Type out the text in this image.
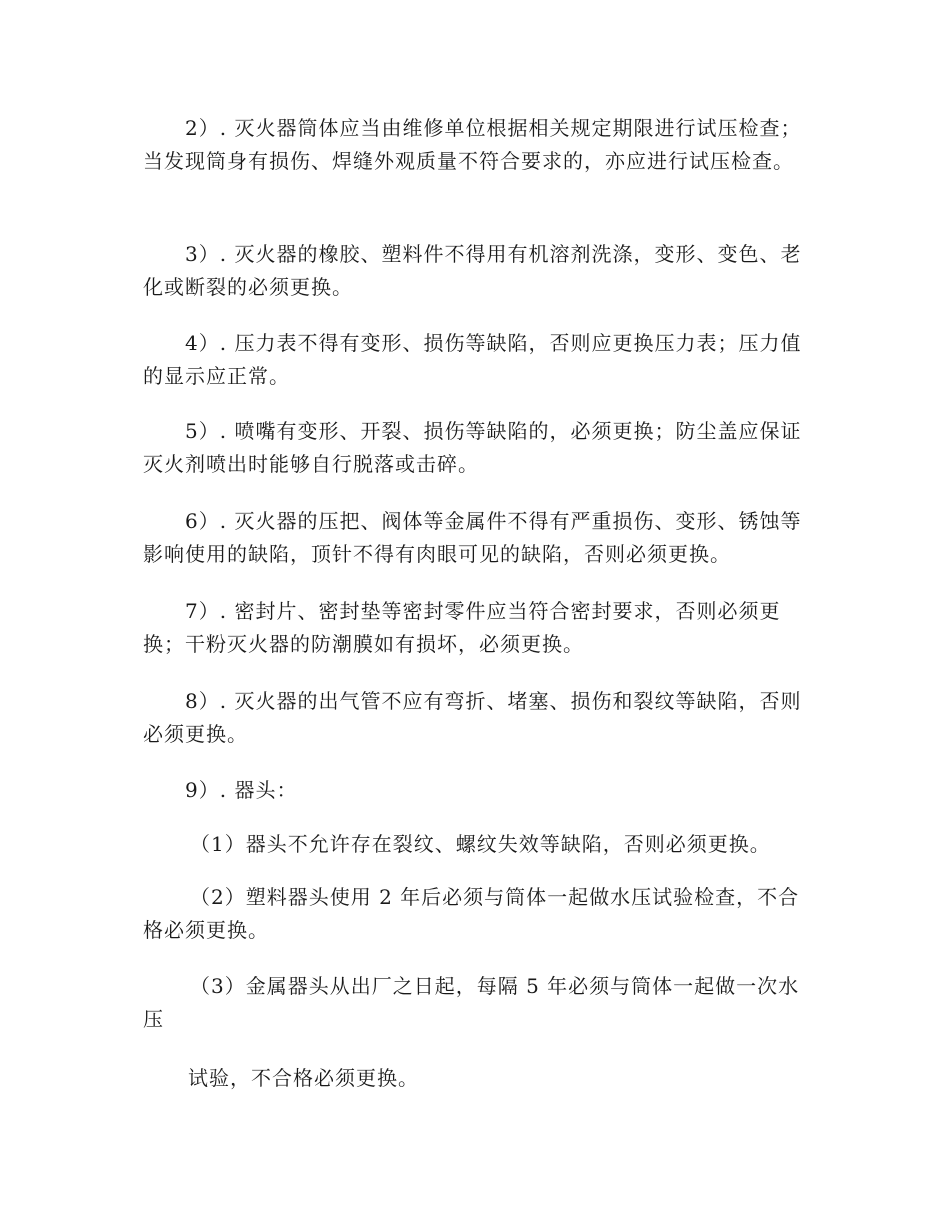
2）. 灭火器筒体应当由维修单位根据相关规定期限进行试压检查；当发现筒身有损伤、焊缝外观质量不符合要求的，亦应进行试压检查。

3）. 灭火器的橡胶、塑料件不得用有机溶剂洗涤，变形、变色、老化或断裂的必须更换。

4）. 压力表不得有变形、损伤等缺陷，否则应更换压力表；压力值的显示应正常。

5）. 喷嘴有变形、开裂、损伤等缺陷的，必须更换；防尘盖应保证灭火剂喷出时能够自行脱落或击碎。

6）. 灭火器的压把、阀体等金属件不得有严重损伤、变形、锈蚀等影响使用的缺陷，顶针不得有肉眼可见的缺陷，否则必须更换。

7）. 密封片、密封垫等密封零件应当符合密封要求，否则必须更换；干粉灭火器的防潮膜如有损坏，必须更换。

8）. 灭火器的出气管不应有弯折、堵塞、损伤和裂纹等缺陷，否则必须更换。

9）. 器头：

（1）器头不允许存在裂纹、螺纹失效等缺陷，否则必须更换。

（2）塑料器头使用 2 年后必须与筒体一起做水压试验检查，不合格必须更换。

（3）金属器头从出厂之日起，每隔 5 年必须与筒体一起做一次水压

试验，不合格必须更换。
